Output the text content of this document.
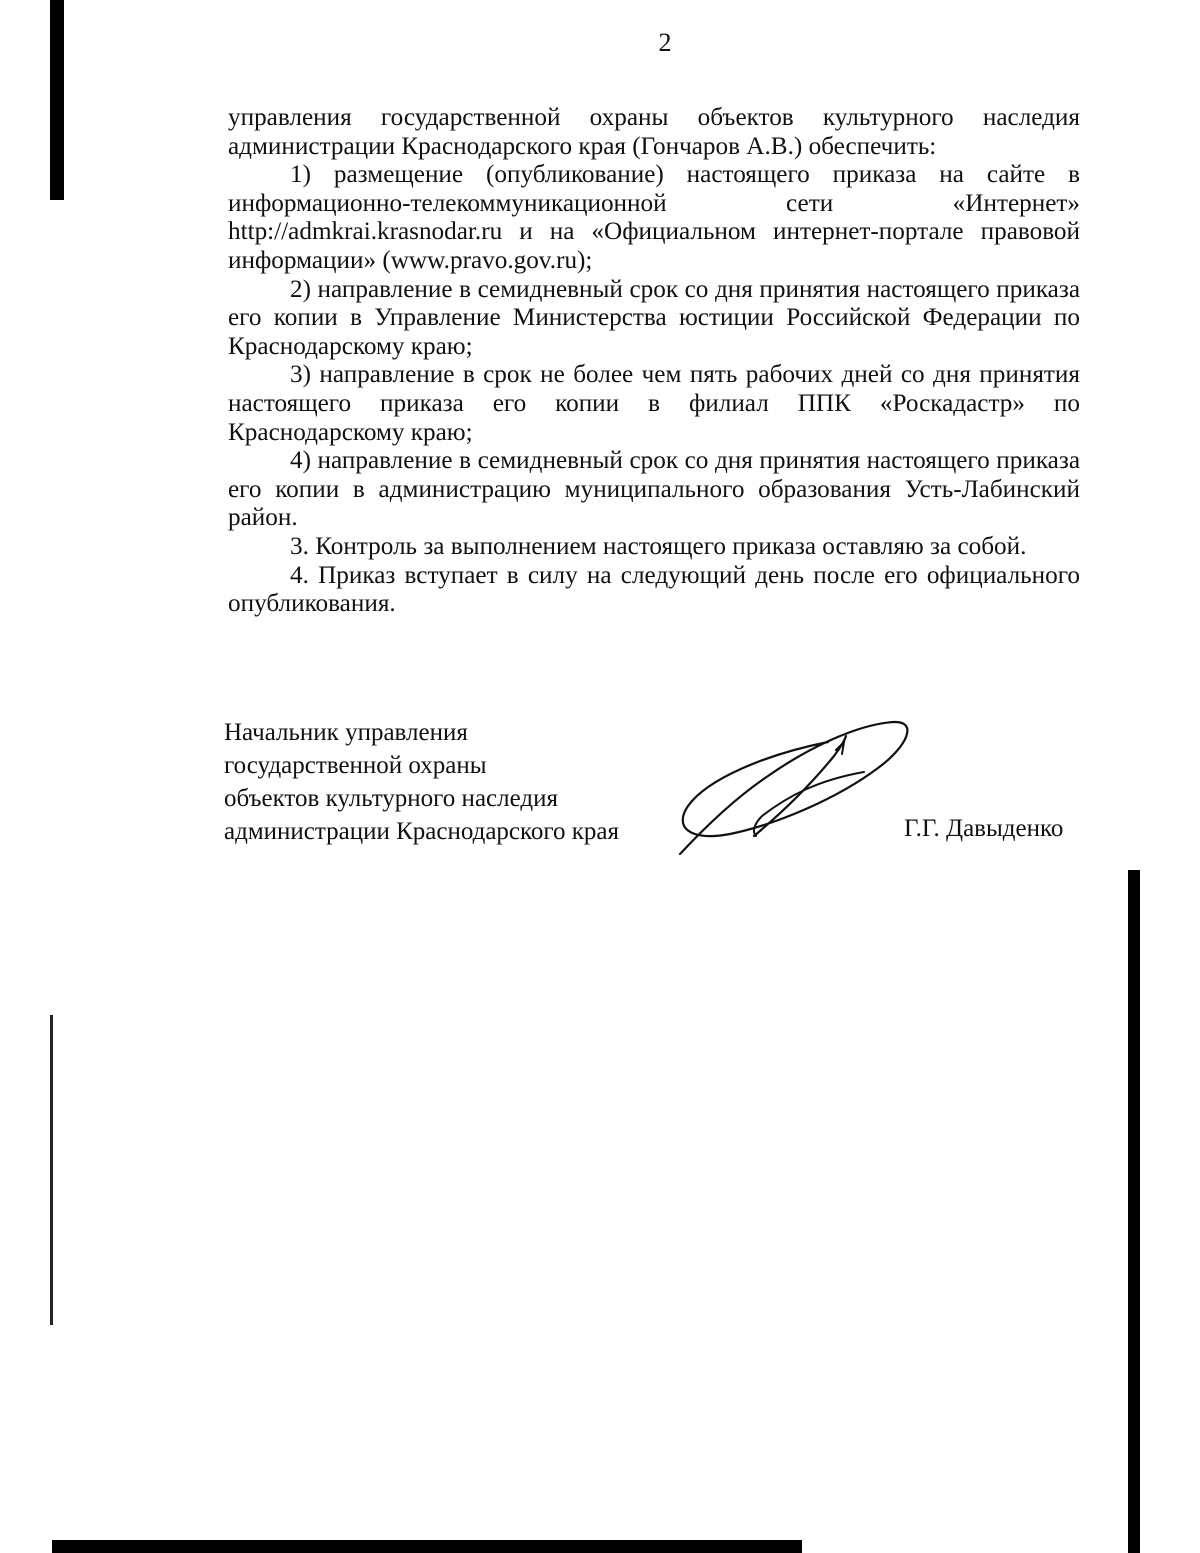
2

управления государственной охраны объектов культурного наследия администрации Краснодарского края (Гончаров А.В.) обеспечить:

1) размещение (опубликование) настоящего приказа на сайте в информационно-телекоммуникационной сети «Интернет» http://admkrai.krasnodar.ru и на «Официальном интернет-портале правовой информации» (www.pravo.gov.ru);

2) направление в семидневный срок со дня принятия настоящего приказа его копии в Управление Министерства юстиции Российской Федерации по Краснодарскому краю;

3) направление в срок не более чем пять рабочих дней со дня принятия настоящего приказа его копии в филиал ППК «Роскадастр» по Краснодарскому краю;

4) направление в семидневный срок со дня принятия настоящего приказа его копии в администрацию муниципального образования Усть-Лабинский район.

3. Контроль за выполнением настоящего приказа оставляю за собой.

4. Приказ вступает в силу на следующий день после его официального опубликования.

Начальник управления
государственной охраны
объектов культурного наследия
администрации Краснодарского края	Г.Г. Давыденко
